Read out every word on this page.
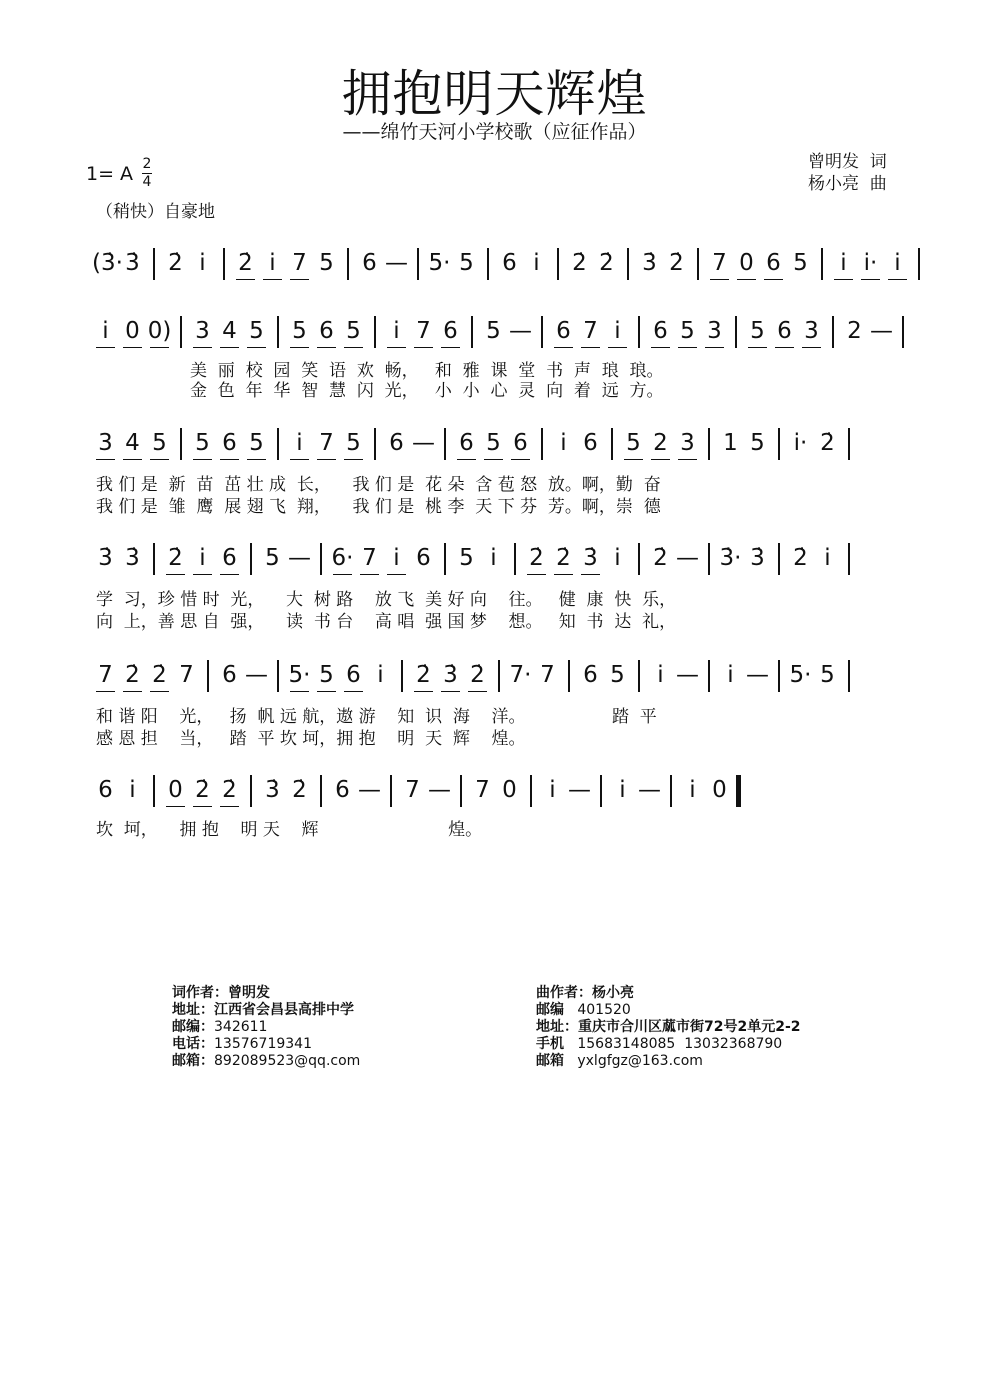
拥抱明天辉煌
——绵竹天河小学校歌（应征作品）
曾明发  词
杨小亮  曲
1= A 2
4
（稍快）自豪地
(3̇· 3̇ 2̇ i	2̇ i 7 5 6 — 5· 5 6 i	2̇ 2̇ 3̇ 2̇ 7 0 6 5	i i· i
i 0 0) 3 4 5 5 6 5	i 7 6 5 — 6 7 i	6 5 3 5 6 3 2 —
美  丽  校  园  笑  语  欢  畅，   和  雅  课  堂  书  声  琅  琅。
金  色  年  华  智  慧  闪  光，   小  小  心  灵  向  着  远  方。
3 4 5 5 6 5	i 7 5 6 — 6 5 6	i 6 5 2 3 1 5 i· 2̇
我 们 是  新  苗  茁 壮 成  长，    我 们 是  花 朵  含 苞 怒  放。啊，勤  奋
我 们 是  雏  鹰  展 翅 飞  翔，    我 们 是  桃 李  天 下 芬  芳。啊，崇  德
3̇ 3̇ 2̇ i 6 5 — 6· 7 i 6 5 i	2̇ 2̇ 3̇ i	2̇ — 3̇· 3̇ 2̇ i
学  习，珍 惜 时  光，    大  树 路    放 飞  美 好 向    往。   健  康  快  乐，
向  上，善 思 自  强，    读  书 台    高 唱  强 国 梦    想。   知  书  达  礼，
7 2̇ 2̇ 7 6 — 5· 5 6 i	2̇ 3̇ 2̇ 7· 7 6 5	i —	i — 5· 5
和 谐 阳    光，   扬  帆 远 航，遨 游    知  识  海    洋。                踏  平
感 恩 担    当，   踏  平 坎 坷，拥 抱    明  天  辉    煌。
6 i	0 2̇ 2̇ 3̇ 2̇ 6 — 7 — 7 0	i —	i —	i 0
坎  坷，    拥 抱    明 天    辉                        煌。
词作者：曾明发
地址：江西省会昌县高排中学
邮编：342611
电话：13576719341
邮箱：892089523@qq.com
曲作者：杨小亮
邮编 401520
地址：重庆市合川区蓏市街72号2单元2-2
手机 15683148085  13032368790
邮箱 yxlgfgz@163.com
